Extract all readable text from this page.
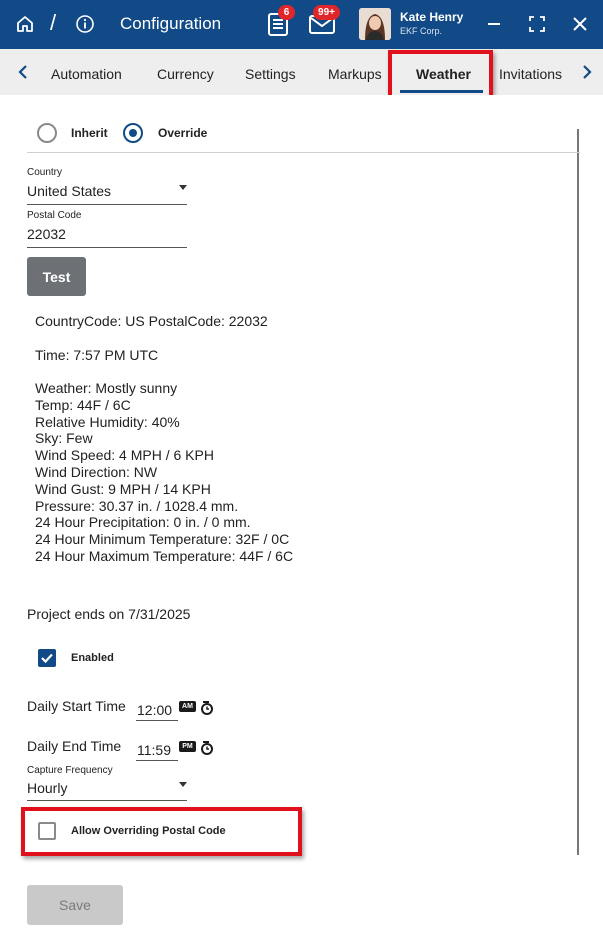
/	Configuration
6	99+	Kate Henry
EKF Corp.
Automation	Currency Settings Markups Weather Invitations
Inherit	Override
Country
United States
Postal Code
22032
Test
CountryCode: US PostalCode: 22032
Time: 7:57 PM UTC
Weather: Mostly sunny
Temp: 44F / 6C
Relative Humidity: 40%
Sky: Few
Wind Speed: 4 MPH / 6 KPH
Wind Direction: NW
Wind Gust: 9 MPH / 14 KPH
Pressure: 30.37 in. / 1028.4 mm.
24 Hour Precipitation: 0 in. / 0 mm.
24 Hour Minimum Temperature: 32F / 0C
24 Hour Maximum Temperature: 44F / 6C
Project ends on 7/31/2025
Enabled
Daily Start Time 12:00	AM
Daily End Time 11:59	PM
Capture Frequency
Hourly
Allow Overriding Postal Code
Save
